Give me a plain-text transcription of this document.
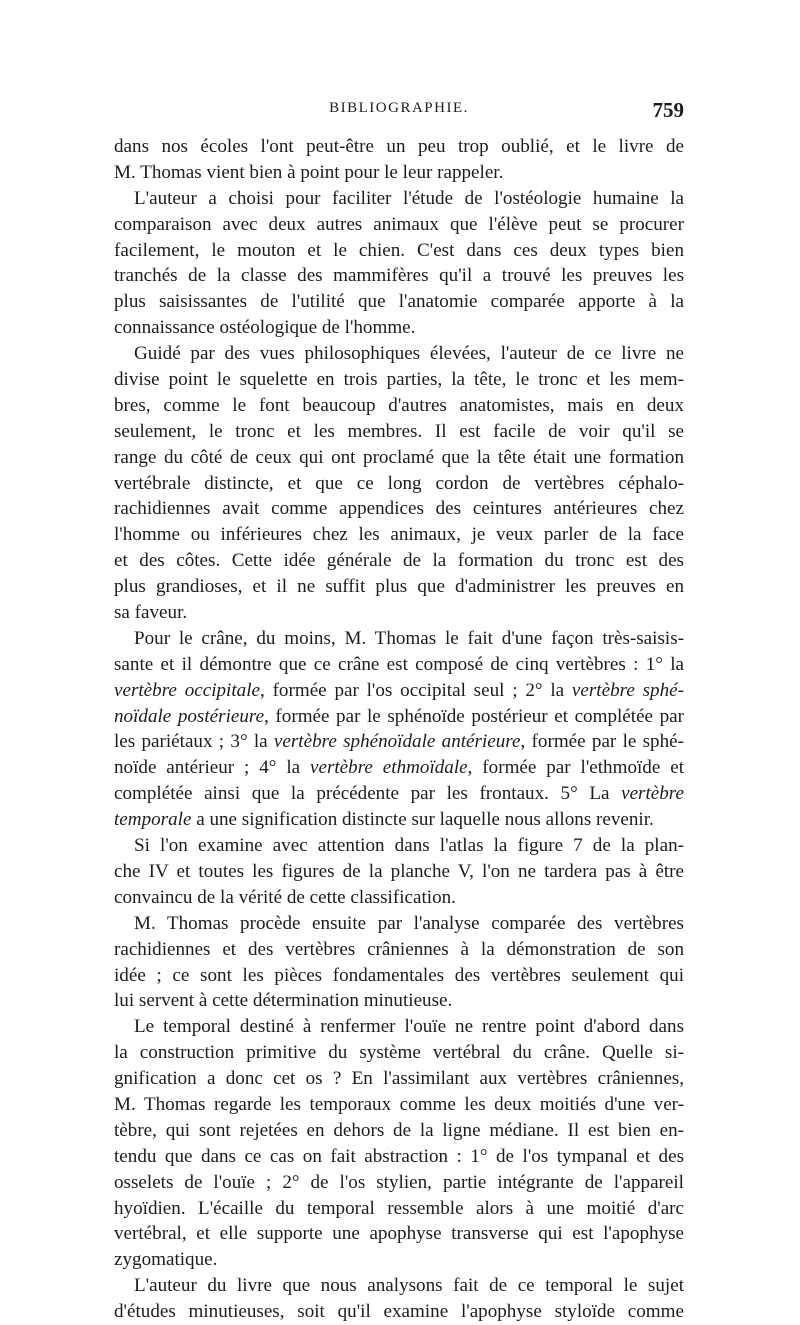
BIBLIOGRAPHIE.	759
dans nos écoles l'ont peut-être un peu trop oublié, et le livre de
M. Thomas vient bien à point pour le leur rappeler.
L'auteur a choisi pour faciliter l'étude de l'ostéologie humaine la
comparaison avec deux autres animaux que l'élève peut se procurer
facilement, le mouton et le chien. C'est dans ces deux types bien
tranchés de la classe des mammifères qu'il a trouvé les preuves les
plus saisissantes de l'utilité que l'anatomie comparée apporte à la
connaissance ostéologique de l'homme.
Guidé par des vues philosophiques élevées, l'auteur de ce livre ne
divise point le squelette en trois parties, la tête, le tronc et les mem-
bres, comme le font beaucoup d'autres anatomistes, mais en deux
seulement, le tronc et les membres. Il est facile de voir qu'il se
range du côté de ceux qui ont proclamé que la tête était une formation
vertébrale distincte, et que ce long cordon de vertèbres céphalo-
rachidiennes avait comme appendices des ceintures antérieures chez
l'homme ou inférieures chez les animaux, je veux parler de la face
et des côtes. Cette idée générale de la formation du tronc est des
plus grandioses, et il ne suffit plus que d'administrer les preuves en
sa faveur.
Pour le crâne, du moins, M. Thomas le fait d'une façon très-saisis-
sante et il démontre que ce crâne est composé de cinq vertèbres : 1° la
vertèbre occipitale, formée par l'os occipital seul ; 2° la vertèbre sphé-
noïdale postérieure, formée par le sphénoïde postérieur et complétée par
les pariétaux ; 3° la vertèbre sphénoïdale antérieure, formée par le sphé-
noïde antérieur ; 4° la vertèbre ethmoïdale, formée par l'ethmoïde et
complétée ainsi que la précédente par les frontaux. 5° La vertèbre
temporale a une signification distincte sur laquelle nous allons revenir.
Si l'on examine avec attention dans l'atlas la figure 7 de la plan-
che IV et toutes les figures de la planche V, l'on ne tardera pas à être
convaincu de la vérité de cette classification.
M. Thomas procède ensuite par l'analyse comparée des vertèbres
rachidiennes et des vertèbres crâniennes à la démonstration de son
idée ; ce sont les pièces fondamentales des vertèbres seulement qui
lui servent à cette détermination minutieuse.
Le temporal destiné à renfermer l'ouïe ne rentre point d'abord dans
la construction primitive du système vertébral du crâne. Quelle si-
gnification a donc cet os ? En l'assimilant aux vertèbres crâniennes,
M. Thomas regarde les temporaux comme les deux moitiés d'une ver-
tèbre, qui sont rejetées en dehors de la ligne médiane. Il est bien en-
tendu que dans ce cas on fait abstraction : 1° de l'os tympanal et des
osselets de l'ouïe ; 2° de l'os stylien, partie intégrante de l'appareil
hyoïdien. L'écaille du temporal ressemble alors à une moitié d'arc
vertébral, et elle supporte une apophyse transverse qui est l'apophyse
zygomatique.
L'auteur du livre que nous analysons fait de ce temporal le sujet
d'études minutieuses, soit qu'il examine l'apophyse styloïde comme
